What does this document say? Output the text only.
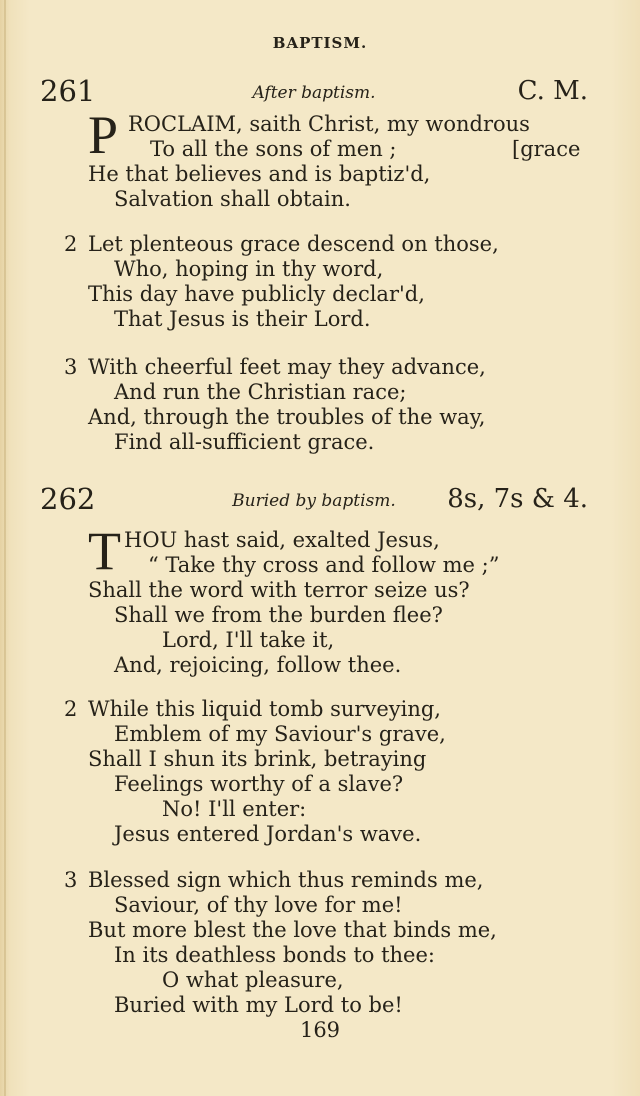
BAPTISM.
261	After baptism.	C. M.
P ROCLAIM, saith Christ, my wondrous
To all the sons of men ;	[grace
He that believes and is baptiz'd,
Salvation shall obtain.
2 Let plenteous grace descend on those,
Who, hoping in thy word,
This day have publicly declar'd,
That Jesus is their Lord.
3 With cheerful feet may they advance,
And run the Christian race;
And, through the troubles of the way,
Find all-sufficient grace.
262	Buried by baptism.	8s, 7s & 4.
T HOU hast said, exalted Jesus,
“ Take thy cross and follow me ;”
Shall the word with terror seize us?
Shall we from the burden flee?
Lord, I'll take it,
And, rejoicing, follow thee.
2 While this liquid tomb surveying,
Emblem of my Saviour's grave,
Shall I shun its brink, betraying
Feelings worthy of a slave?
No! I'll enter:
Jesus entered Jordan's wave.
3 Blessed sign which thus reminds me,
Saviour, of thy love for me!
But more blest the love that binds me,
In its deathless bonds to thee:
O what pleasure,
Buried with my Lord to be!
169
